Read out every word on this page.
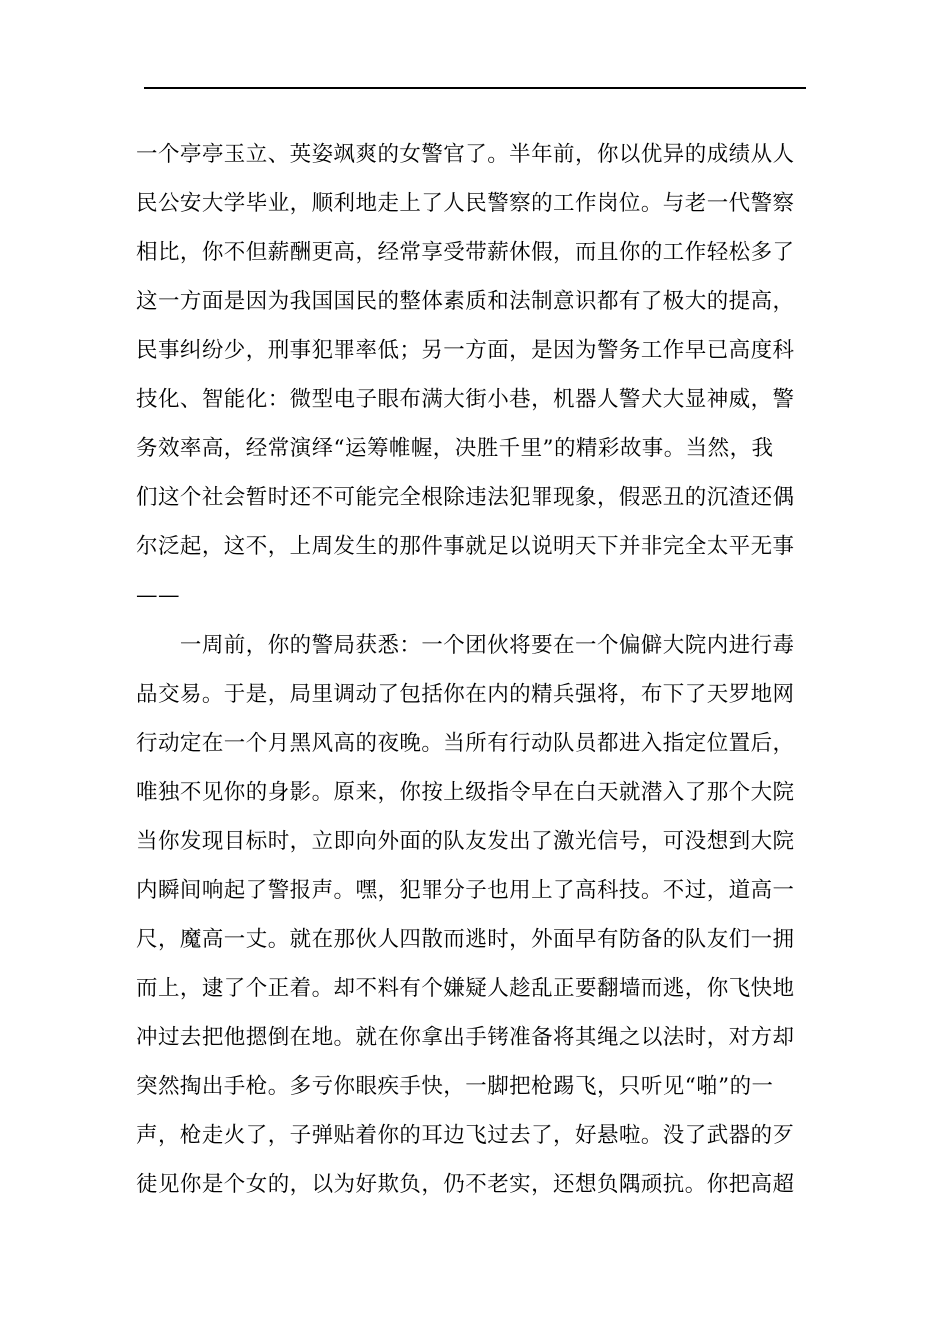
一个亭亭玉立、英姿飒爽的女警官了。半年前，你以优异的成绩从人
民公安大学毕业，顺利地走上了人民警察的工作岗位。与老一代警察
相比，你不但薪酬更高，经常享受带薪休假，而且你的工作轻松多了
这一方面是因为我国国民的整体素质和法制意识都有了极大的提高，
民事纠纷少，刑事犯罪率低；另一方面，是因为警务工作早已高度科
技化、智能化：微型电子眼布满大街小巷，机器人警犬大显神威，警
务效率高，经常演绎“运筹帷幄，决胜千里”的精彩故事。当然，我
们这个社会暂时还不可能完全根除违法犯罪现象，假恶丑的沉渣还偶
尔泛起，这不，上周发生的那件事就足以说明天下并非完全太平无事
——
　　一周前，你的警局获悉：一个团伙将要在一个偏僻大院内进行毒
品交易。于是，局里调动了包括你在内的精兵强将，布下了天罗地网
行动定在一个月黑风高的夜晚。当所有行动队员都进入指定位置后，
唯独不见你的身影。原来，你按上级指令早在白天就潜入了那个大院
当你发现目标时，立即向外面的队友发出了激光信号，可没想到大院
内瞬间响起了警报声。嘿，犯罪分子也用上了高科技。不过，道高一
尺，魔高一丈。就在那伙人四散而逃时，外面早有防备的队友们一拥
而上，逮了个正着。却不料有个嫌疑人趁乱正要翻墙而逃，你飞快地
冲过去把他摁倒在地。就在你拿出手铐准备将其绳之以法时，对方却
突然掏出手枪。多亏你眼疾手快，一脚把枪踢飞，只听见“啪”的一
声，枪走火了，子弹贴着你的耳边飞过去了，好悬啦。没了武器的歹
徒见你是个女的，以为好欺负，仍不老实，还想负隅顽抗。你把高超
